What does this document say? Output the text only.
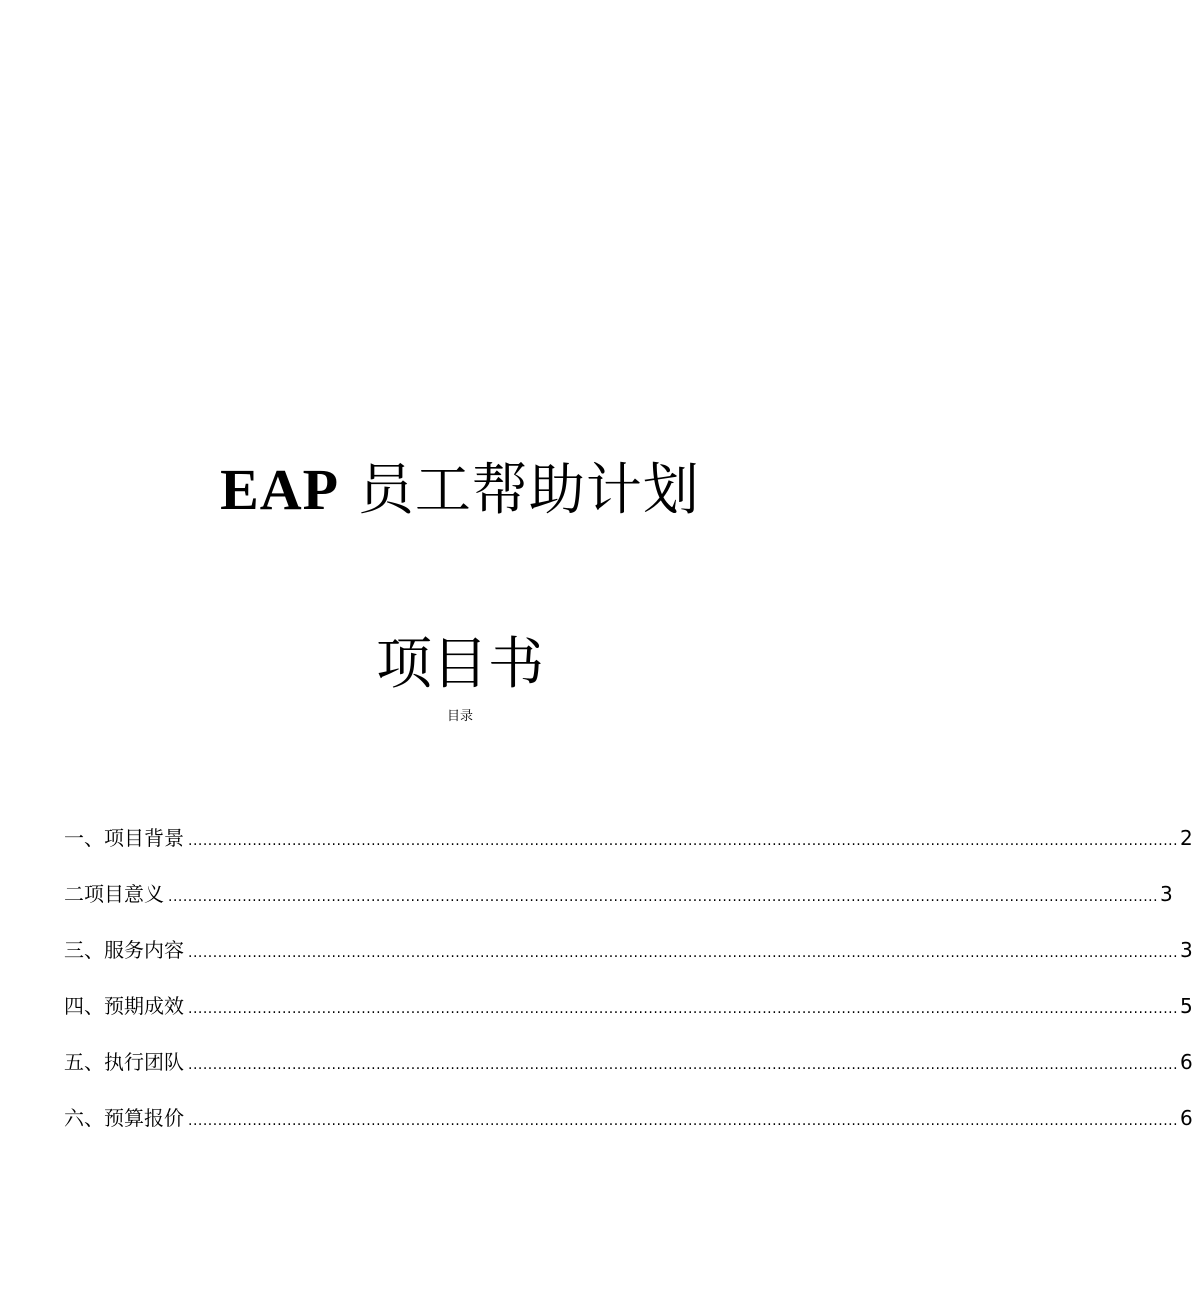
EAP 员工帮助计划
项目书
目录
一、项目背景 ........................................................................................................................................................................................................ 2
二项目意义 ........................................................................................................................................................................................................ 3
三、服务内容 ........................................................................................................................................................................................................ 3
四、预期成效 ........................................................................................................................................................................................................ 5
五、执行团队 ........................................................................................................................................................................................................ 6
六、预算报价 ........................................................................................................................................................................................................ 6
